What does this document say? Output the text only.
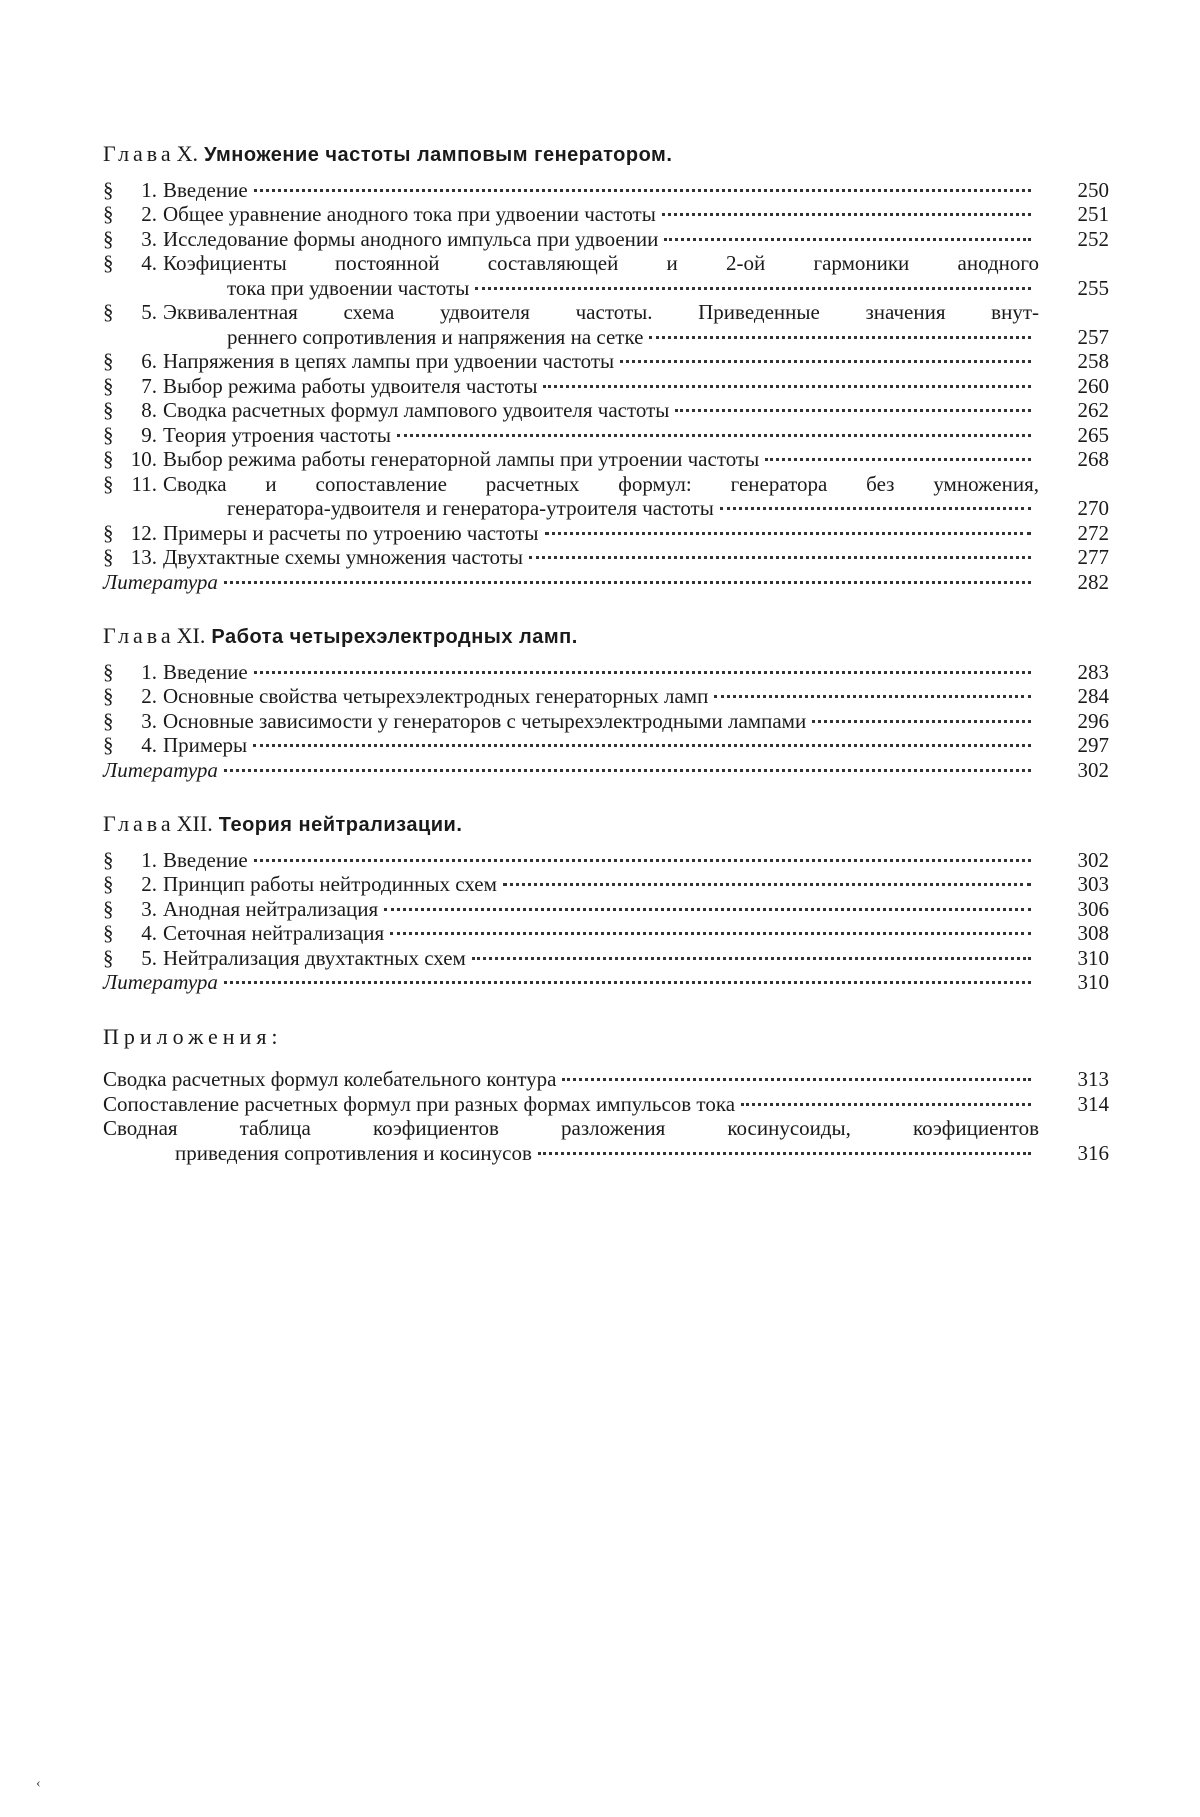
ГлаваX. Умножение частоты ламповым генератором.
§	1. Введение	250
§	2. Общее уравнение анодного тока при удвоении частоты	251
§	3. Исследование формы анодного импульса при удвоении	252
§	4. Коэфициенты постоянной составляющей и 2-ой гармоники анодного
тока при удвоении частоты	255
§	5. Эквивалентная схема удвоителя частоты. Приведенные значения внут-
реннего сопротивления и напряжения на сетке	257
§	6. Напряжения в цепях лампы при удвоении частоты	258
§	7. Выбор режима работы удвоителя частоты	260
§	8. Сводка расчетных формул лампового удвоителя частоты	262
§	9. Теория утроения частоты	265
§ 10. Выбор режима работы генераторной лампы при утроении частоты	268
§ 11. Сводка и сопоставление расчетных формул: генератора без умножения,
генератора-удвоителя и генератора-утроителя частоты	270
§ 12. Примеры и расчеты по утроению частоты	272
§ 13. Двухтактные схемы умножения частоты	277
Литература	282
ГлаваXI. Работа четырехэлектродных ламп.
§	1. Введение	283
§	2. Основные свойства четырехэлектродных генераторных ламп	284
§	3. Основные зависимости у генераторов с четырехэлектродными лампами	296
§	4. Примеры	297
Литература	302
ГлаваXII. Теория нейтрализации.
§	1. Введение	302
§	2. Принцип работы нейтродинных схем	303
§	3. Анодная нейтрализация	306
§	4. Сеточная нейтрализация	308
§	5. Нейтрализация двухтактных схем	310
Литература	310
Приложения:
Сводка расчетных формул колебательного контура	313
Сопоставление расчетных формул при разных формах импульсов тока	314
Сводная таблица коэфициентов разложения косинусоиды, коэфициентов
приведения сопротивления и косинусов	316
‹
